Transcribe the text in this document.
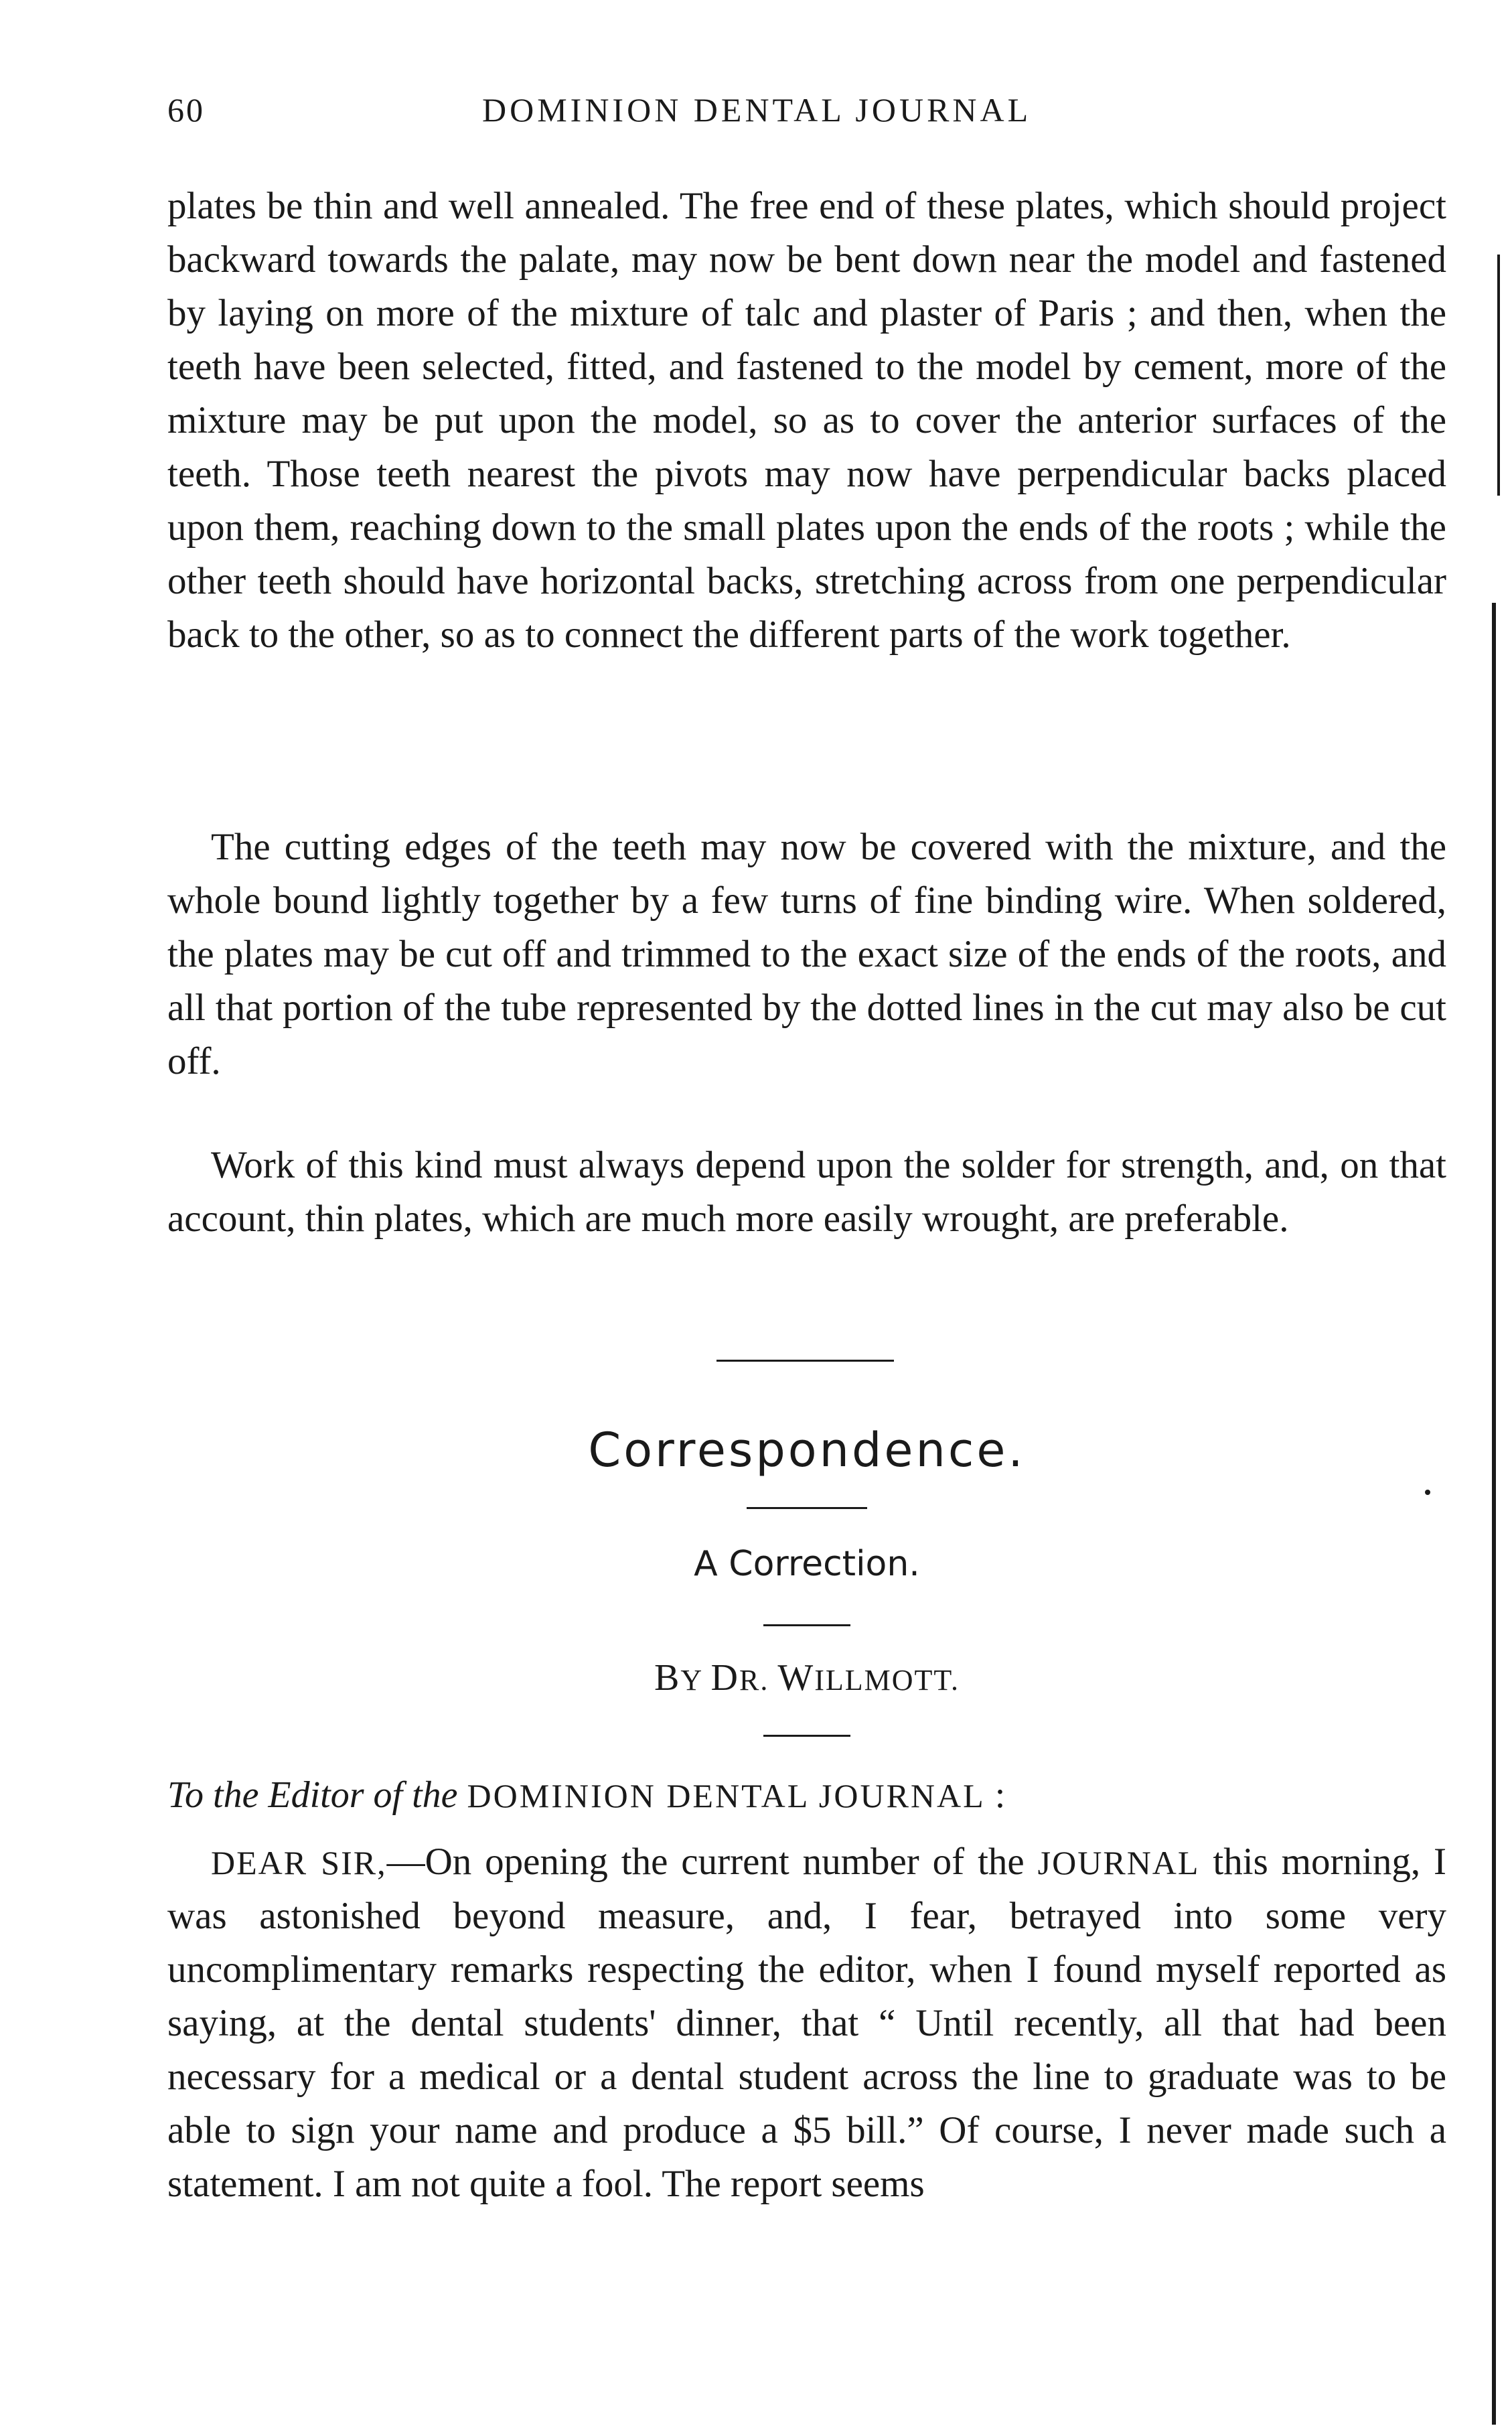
60	DOMINION DENTAL JOURNAL

plates be thin and well annealed. The free end of these plates, which should project backward towards the palate, may now be bent down near the model and fastened by laying on more of the mixture of talc and plaster of Paris ; and then, when the teeth have been selected, fitted, and fastened to the model by cement, more of the mixture may be put upon the model, so as to cover the anterior surfaces of the teeth. Those teeth nearest the pivots may now have perpendicular backs placed upon them, reaching down to the small plates upon the ends of the roots ; while the other teeth should have horizontal backs, stretching across from one perpendicular back to the other, so as to connect the different parts of the work together.

The cutting edges of the teeth may now be covered with the mixture, and the whole bound lightly together by a few turns of fine binding wire. When soldered, the plates may be cut off and trimmed to the exact size of the ends of the roots, and all that portion of the tube represented by the dotted lines in the cut may also be cut off.

Work of this kind must always depend upon the solder for strength, and, on that account, thin plates, which are much more easily wrought, are preferable.

Correspondence.
A Correction.
BY DR. WILLMOTT.
To the Editor of the DOMINION DENTAL JOURNAL :

DEAR SIR,—On opening the current number of the JOURNAL this morning, I was astonished beyond measure, and, I fear, betrayed into some very uncomplimentary remarks respecting the editor, when I found myself reported as saying, at the dental students' dinner, that “ Until recently, all that had been necessary for a medical or a dental student across the line to graduate was to be able to sign your name and produce a $5 bill.” Of course, I never made such a statement. I am not quite a fool. The report seems
